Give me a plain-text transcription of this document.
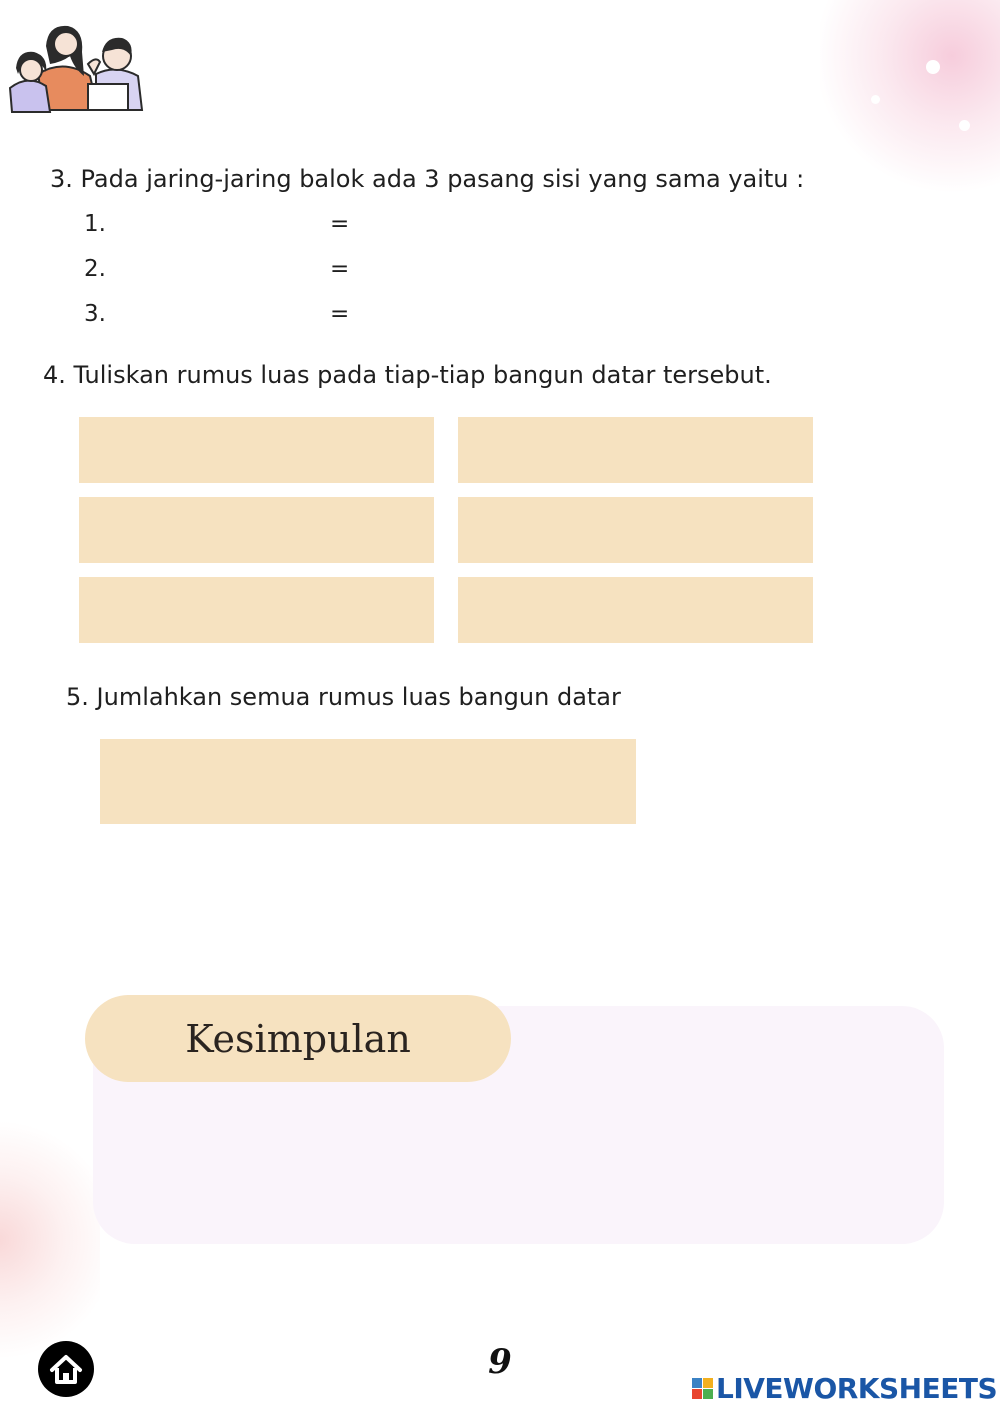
3. Pada jaring-jaring balok ada 3 pasang sisi yang sama yaitu :
1.	=
2.	=
3.	=
4. Tuliskan rumus luas pada tiap-tiap bangun datar tersebut.
5. Jumlahkan semua rumus luas bangun datar
Kesimpulan
9
LIVEWORKSHEETS
